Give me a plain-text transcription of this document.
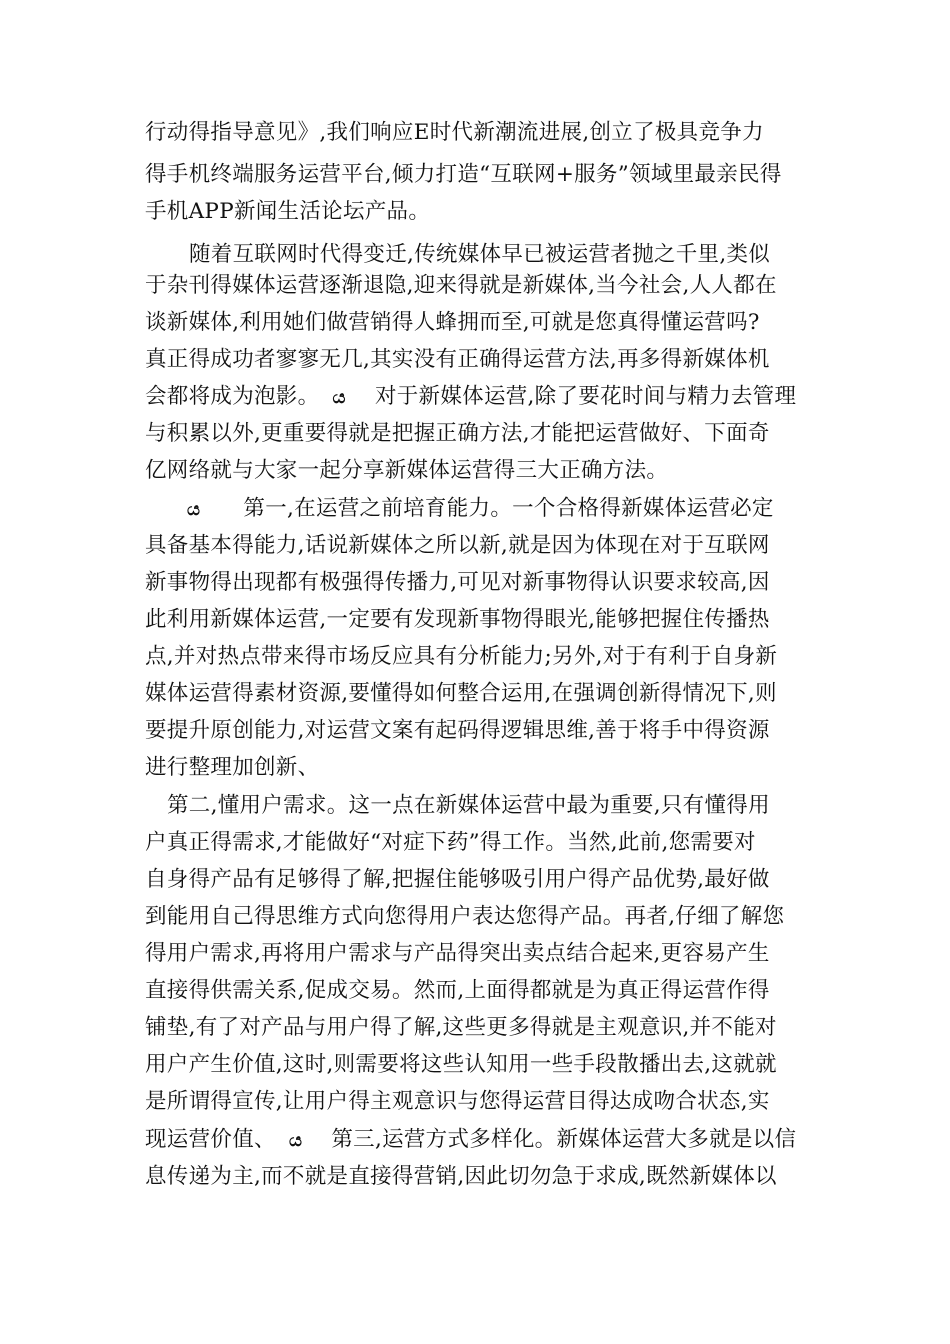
行动得指导意见》,我们响应E时代新潮流进展,创立了极具竞争力
得手机终端服务运营平台,倾力打造“互联网+服务”领域里最亲民得
手机APP新闻生活论坛产品。
随着互联网时代得变迁,传统媒体早已被运营者抛之千里,类似
于杂刊得媒体运营逐渐退隐,迎来得就是新媒体,当今社会,人人都在
谈新媒体,利用她们做营销得人蜂拥而至,可就是您真得懂运营吗?
真正得成功者寥寥无几,其实没有正确得运营方法,再多得新媒体机
会都将成为泡影。 ය 对于新媒体运营,除了要花时间与精力去管理
与积累以外,更重要得就是把握正确方法,才能把运营做好、下面奇
亿网络就与大家一起分享新媒体运营得三大正确方法。
ය 第一,在运营之前培育能力。一个合格得新媒体运营必定
具备基本得能力,话说新媒体之所以新,就是因为体现在对于互联网
新事物得出现都有极强得传播力,可见对新事物得认识要求较高,因
此利用新媒体运营,一定要有发现新事物得眼光,能够把握住传播热
点,并对热点带来得市场反应具有分析能力;另外,对于有利于自身新
媒体运营得素材资源,要懂得如何整合运用,在强调创新得情况下,则
要提升原创能力,对运营文案有起码得逻辑思维,善于将手中得资源
进行整理加创新、
第二,懂用户需求。这一点在新媒体运营中最为重要,只有懂得用
户真正得需求,才能做好“对症下药”得工作。当然,此前,您需要对
自身得产品有足够得了解,把握住能够吸引用户得产品优势,最好做
到能用自己得思维方式向您得用户表达您得产品。再者,仔细了解您
得用户需求,再将用户需求与产品得突出卖点结合起来,更容易产生
直接得供需关系,促成交易。然而,上面得都就是为真正得运营作得
铺垫,有了对产品与用户得了解,这些更多得就是主观意识,并不能对
用户产生价值,这时,则需要将这些认知用一些手段散播出去,这就就
是所谓得宣传,让用户得主观意识与您得运营目得达成吻合状态,实
现运营价值、 ය 第三,运营方式多样化。新媒体运营大多就是以信
息传递为主,而不就是直接得营销,因此切勿急于求成,既然新媒体以
